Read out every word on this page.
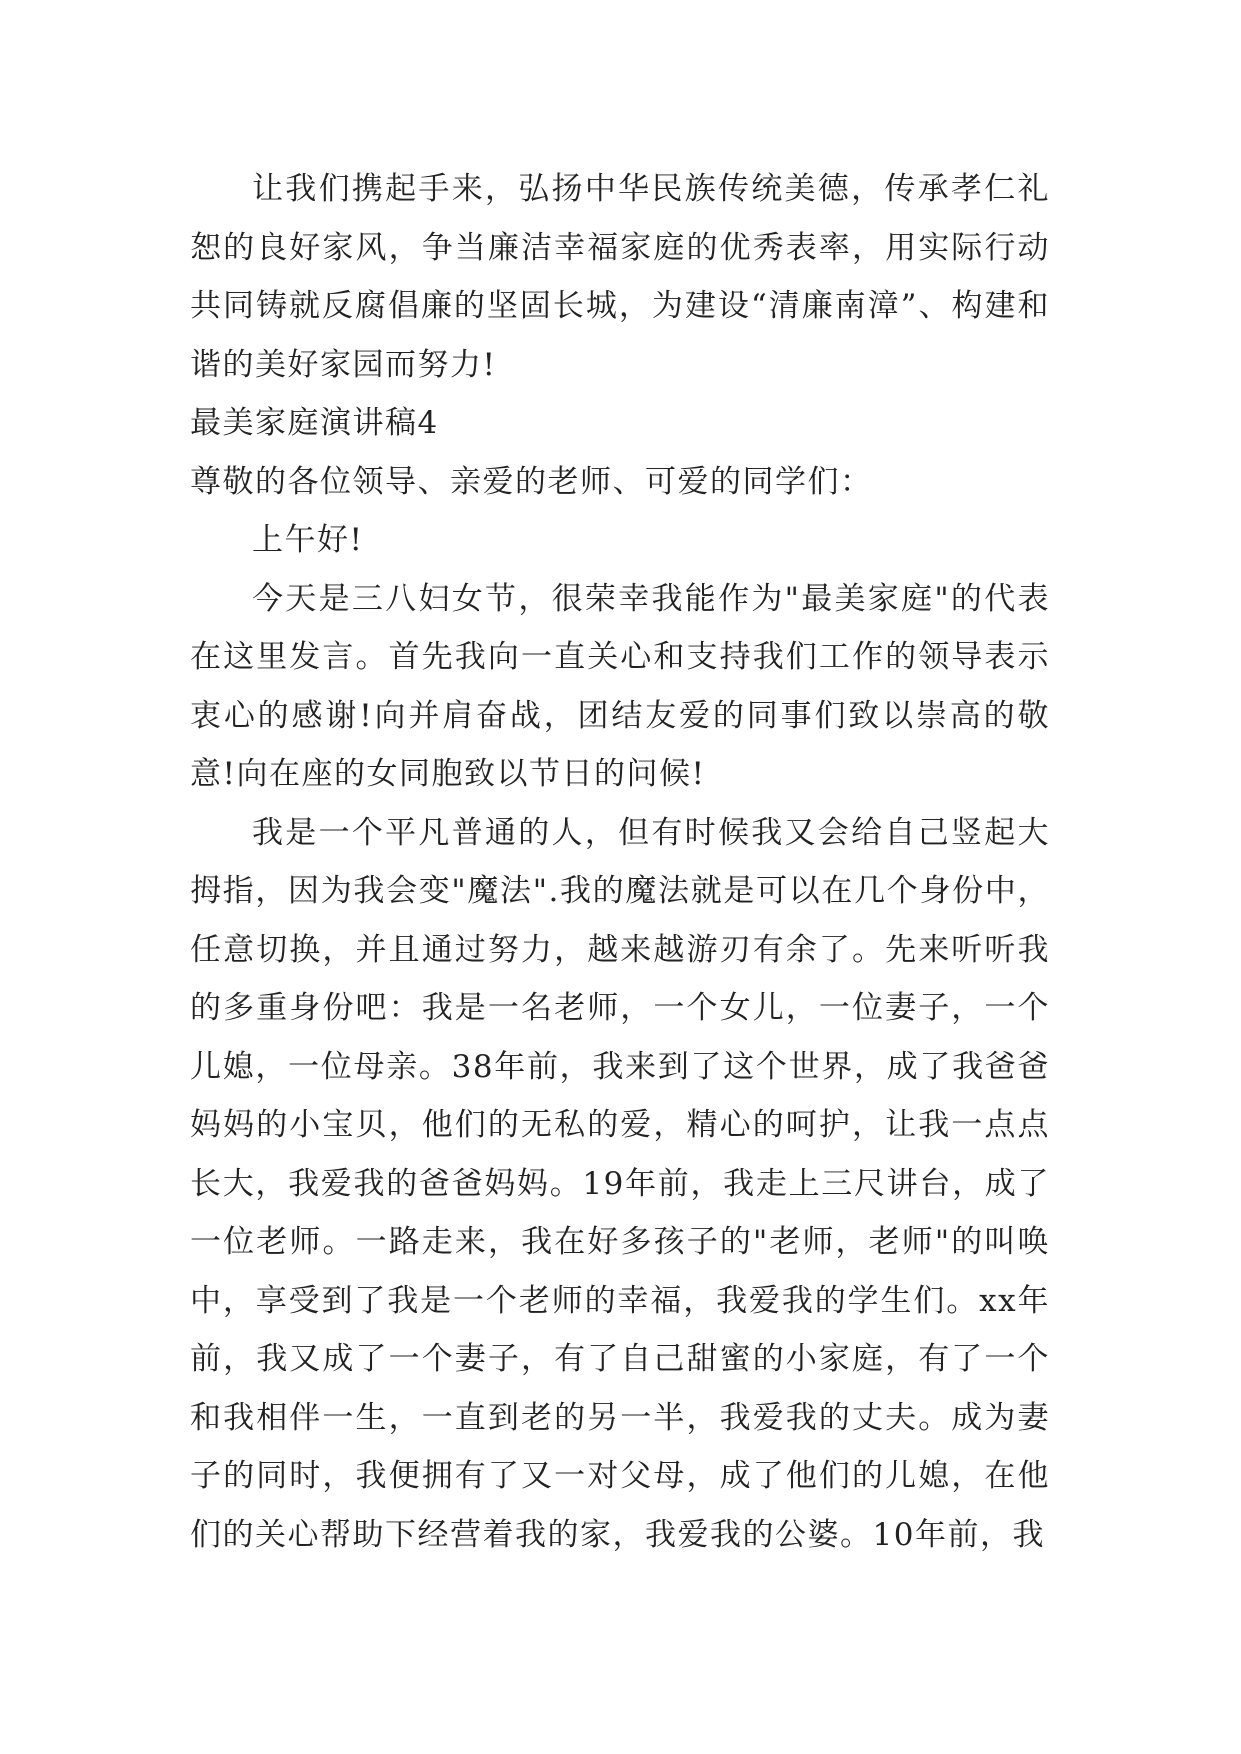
让我们携起手来，弘扬中华民族传统美德，传承孝仁礼恕的良好家风，争当廉洁幸福家庭的优秀表率，用实际行动共同铸就反腐倡廉的坚固长城，为建设“清廉南漳”、构建和谐的美好家园而努力!

最美家庭演讲稿4

尊敬的各位领导、亲爱的老师、可爱的同学们：

上午好!

今天是三八妇女节，很荣幸我能作为"最美家庭"的代表在这里发言。首先我向一直关心和支持我们工作的领导表示衷心的感谢!向并肩奋战，团结友爱的同事们致以崇高的敬意!向在座的女同胞致以节日的问候!

我是一个平凡普通的人，但有时候我又会给自己竖起大拇指，因为我会变"魔法".我的魔法就是可以在几个身份中，任意切换，并且通过努力，越来越游刃有余了。先来听听我的多重身份吧：我是一名老师，一个女儿，一位妻子，一个儿媳，一位母亲。38年前，我来到了这个世界，成了我爸爸妈妈的小宝贝，他们的无私的爱，精心的呵护，让我一点点长大，我爱我的爸爸妈妈。19年前，我走上三尺讲台，成了一位老师。一路走来，我在好多孩子的"老师，老师"的叫唤中，享受到了我是一个老师的幸福，我爱我的学生们。xx年前，我又成了一个妻子，有了自己甜蜜的小家庭，有了一个和我相伴一生，一直到老的另一半，我爱我的丈夫。成为妻子的同时，我便拥有了又一对父母，成了他们的儿媳，在他们的关心帮助下经营着我的家，我爱我的公婆。10年前，我
